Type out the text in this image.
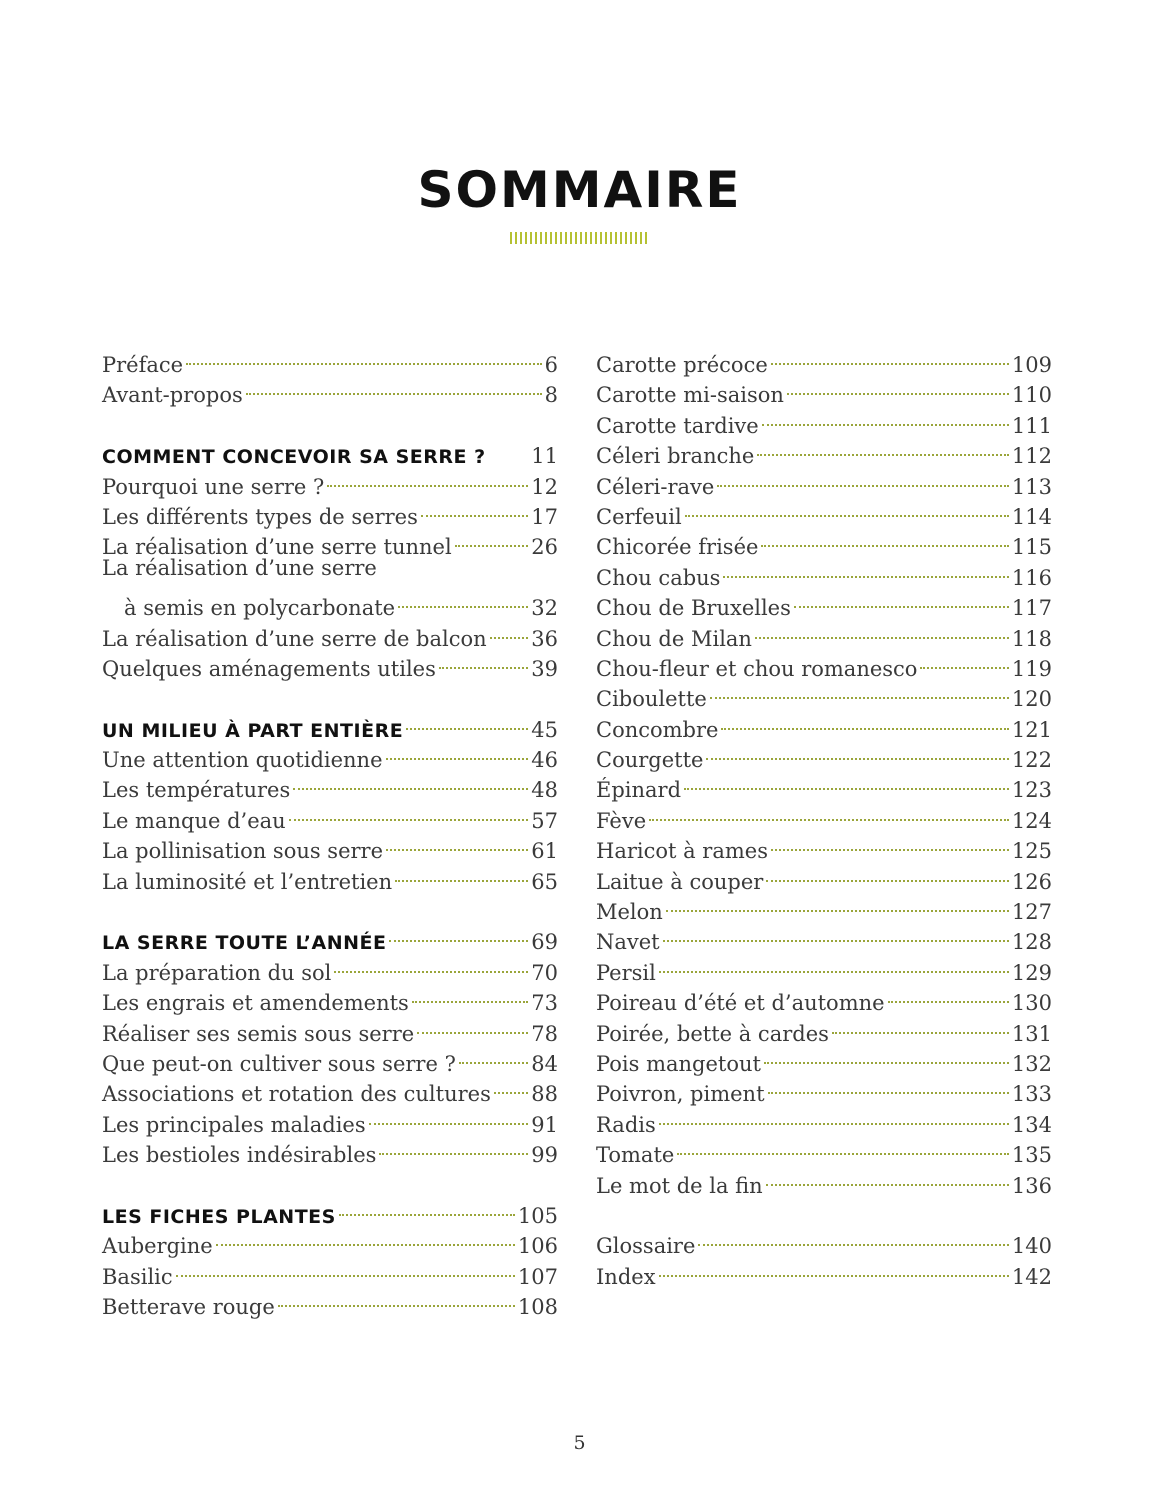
SOMMAIRE
Préface	6
Avant-propos	8
COMMENT CONCEVOIR SA SERRE ? 11
Pourquoi une serre ?	12
Les différents types de serres	17
La réalisation d’une serre tunnel	26
La réalisation d’une serre
à semis en polycarbonate	32
La réalisation d’une serre de balcon 36
Quelques aménagements utiles	39
UN MILIEU À PART ENTIÈRE	45
Une attention quotidienne	46
Les températures	48
Le manque d’eau	57
La pollinisation sous serre	61
La luminosité et l’entretien	65
LA SERRE TOUTE L’ANNÉE	69
La préparation du sol	70
Les engrais et amendements	73
Réaliser ses semis sous serre	78
Que peut-on cultiver sous serre ?	84
Associations et rotation des cultures 88
Les principales maladies	91
Les bestioles indésirables	99
LES FICHES PLANTES	105
Aubergine	106
Basilic	107
Betterave rouge	108
Carotte précoce	109
Carotte mi-saison	110
Carotte tardive	111
Céleri branche	112
Céleri-rave	113
Cerfeuil	114
Chicorée frisée	115
Chou cabus	116
Chou de Bruxelles	117
Chou de Milan	118
Chou-fleur et chou romanesco	119
Ciboulette	120
Concombre	121
Courgette	122
Épinard	123
Fève	124
Haricot à rames	125
Laitue à couper	126
Melon	127
Navet	128
Persil	129
Poireau d’été et d’automne	130
Poirée, bette à cardes	131
Pois mangetout	132
Poivron, piment	133
Radis	134
Tomate	135
Le mot de la fin	136
Glossaire	140
Index	142
5
